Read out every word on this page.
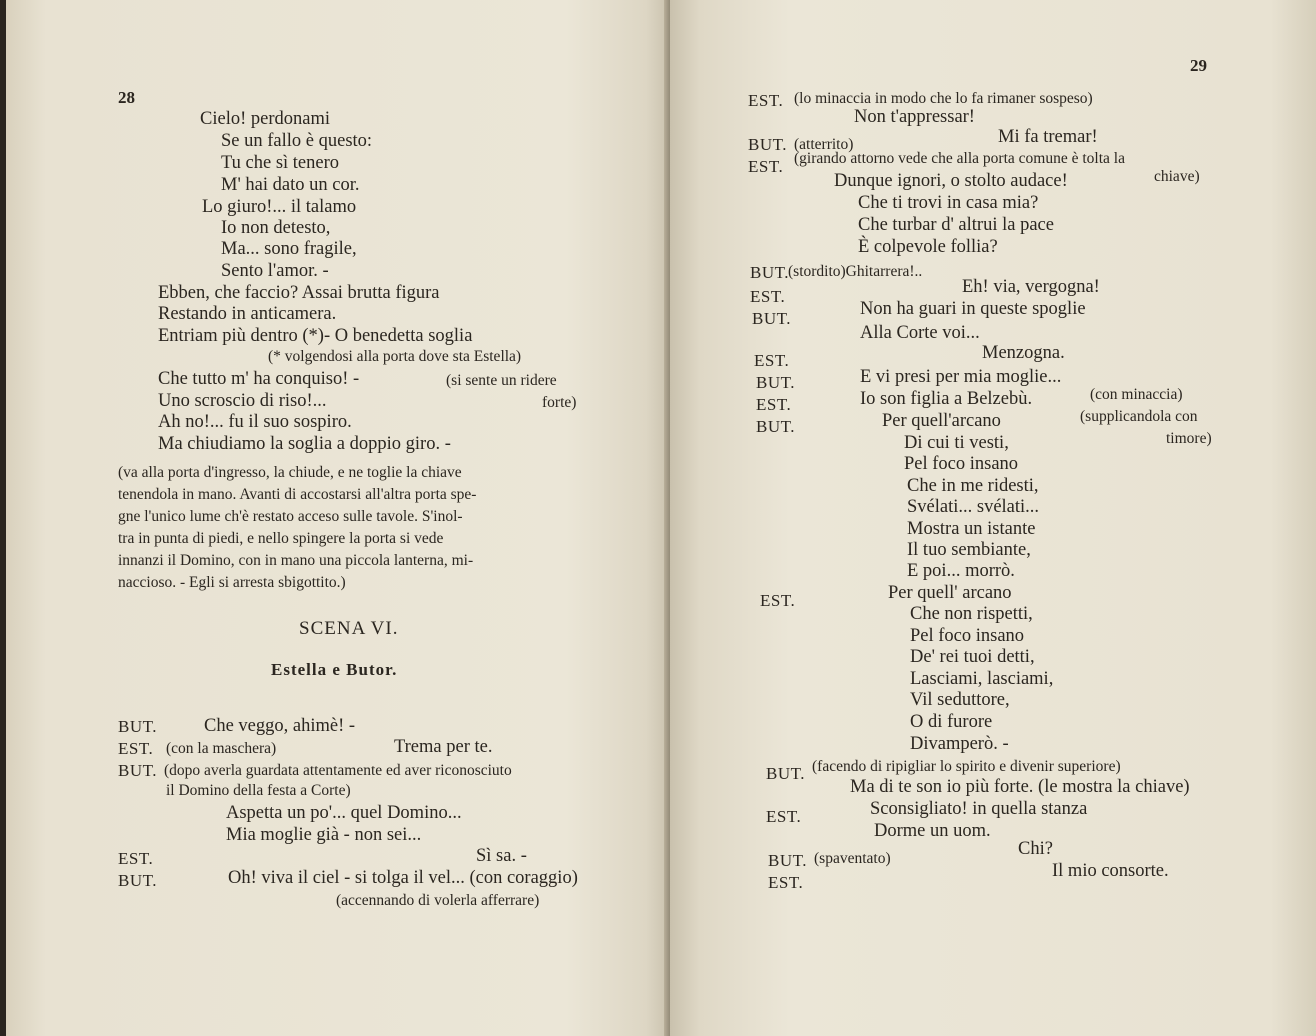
28
Cielo! perdonami
Se un fallo è questo:
Tu che sì tenero
M' hai dato un cor.
Lo giuro!... il talamo
Io non detesto,
Ma... sono fragile,
Sento l'amor. -
Ebben, che faccio? Assai brutta figura
Restando in anticamera.
Entriam più dentro (*)- O benedetta soglia
(* volgendosi alla porta dove sta Estella)
Che tutto m' ha conquiso! -	(si sente un ridere
Uno scroscio di riso!...	forte)
Ah no!... fu il suo sospiro.
Ma chiudiamo la soglia a doppio giro. -
(va alla porta d'ingresso, la chiude, e ne toglie la chiave
tenendola in mano. Avanti di accostarsi all'altra porta spe-
gne l'unico lume ch'è restato acceso sulle tavole. S'inol-
tra in punta di piedi, e nello spingere la porta si vede
innanzi il Domino, con in mano una piccola lanterna, mi-
naccioso. - Egli si arresta sbigottito.)
SCENA VI.
Estella e Butor.
BUT.	Che veggo, ahimè! -
EST. (con la maschera)	Trema per te.
BUT. (dopo averla guardata attentamente ed aver riconosciuto
il Domino della festa a Corte)
Aspetta un po'... quel Domino...
Mia moglie già - non sei...
EST.	Sì sa. -
BUT.	Oh! viva il ciel - si tolga il vel... (con coraggio)
(accennando di volerla afferrare)
29
EST. (lo minaccia in modo che lo fa rimaner sospeso)
Non t'appressar!
BUT. (atterrito)	Mi fa tremar!
EST. (girando attorno vede che alla porta comune è tolta la
Dunque ignori, o stolto audace!	chiave)
Che ti trovi in casa mia?
Che turbar d' altrui la pace
È colpevole follia?
BUT. (stordito)Ghitarrera!..
EST.	Eh! via, vergogna!
BUT.	Non ha guari in queste spoglie
Alla Corte voi...
EST.	Menzogna.
BUT.	E vi presi per mia moglie...
EST.	Io son figlia a Belzebù.	(con minaccia)
BUT.	Per quell'arcano	(supplicandola con
Di cui ti vesti,	timore)
Pel foco insano
Che in me ridesti,
Svélati... svélati...
Mostra un istante
Il tuo sembiante,
E poi... morrò.
EST.	Per quell' arcano
Che non rispetti,
Pel foco insano
De' rei tuoi detti,
Lasciami, lasciami,
Vil seduttore,
O di furore
Divamperò. -
BUT. (facendo di ripigliar lo spirito e divenir superiore)
Ma di te son io più forte. (le mostra la chiave)
EST.	Sconsigliato! in quella stanza
Dorme un uom.
BUT. (spaventato)	Chi?
EST.
Il mio consorte.
